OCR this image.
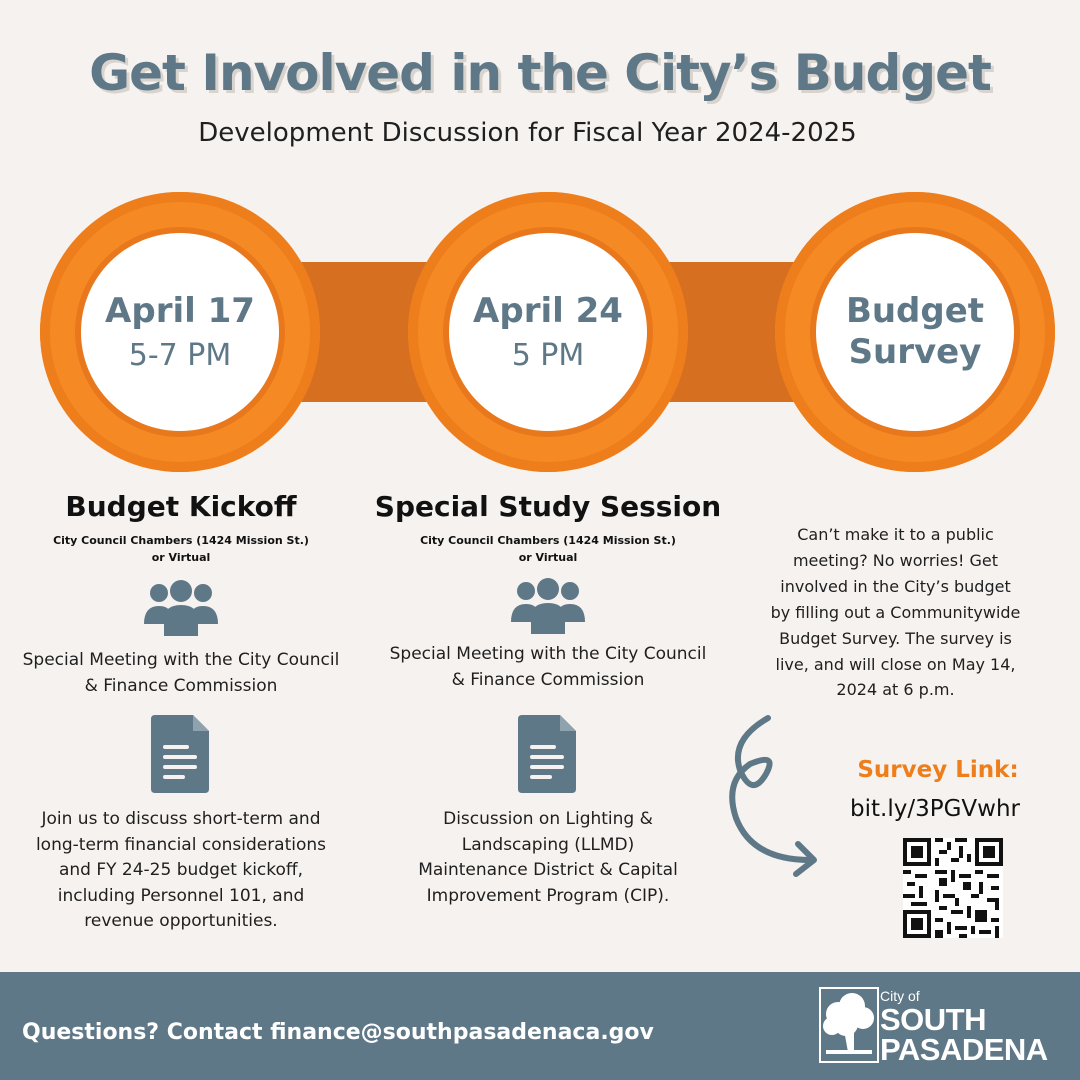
Get Involved in the City’s Budget
Development Discussion for Fiscal Year 2024-2025
April 17
5-7 PM
April 24
5 PM
Budget Survey
Budget Kickoff
City Council Chambers (1424 Mission St.)
or Virtual
Special Meeting with the City Council & Finance Commission
Join us to discuss short-term and long-term financial considerations and FY 24-25 budget kickoff, including Personnel 101, and revenue opportunities.
Special Study Session
City Council Chambers (1424 Mission St.)
or Virtual
Special Meeting with the City Council & Finance Commission
Discussion on Lighting & Landscaping (LLMD) Maintenance District & Capital Improvement Program (CIP).
Can’t make it to a public meeting? No worries! Get involved in the City’s budget by filling out a Communitywide Budget Survey. The survey is live, and will close on May 14, 2024 at 6 p.m.
Survey Link:
bit.ly/3PGVwhr
Questions? Contact finance@southpasadenaca.gov
City of
SOUTH
PASADENA
